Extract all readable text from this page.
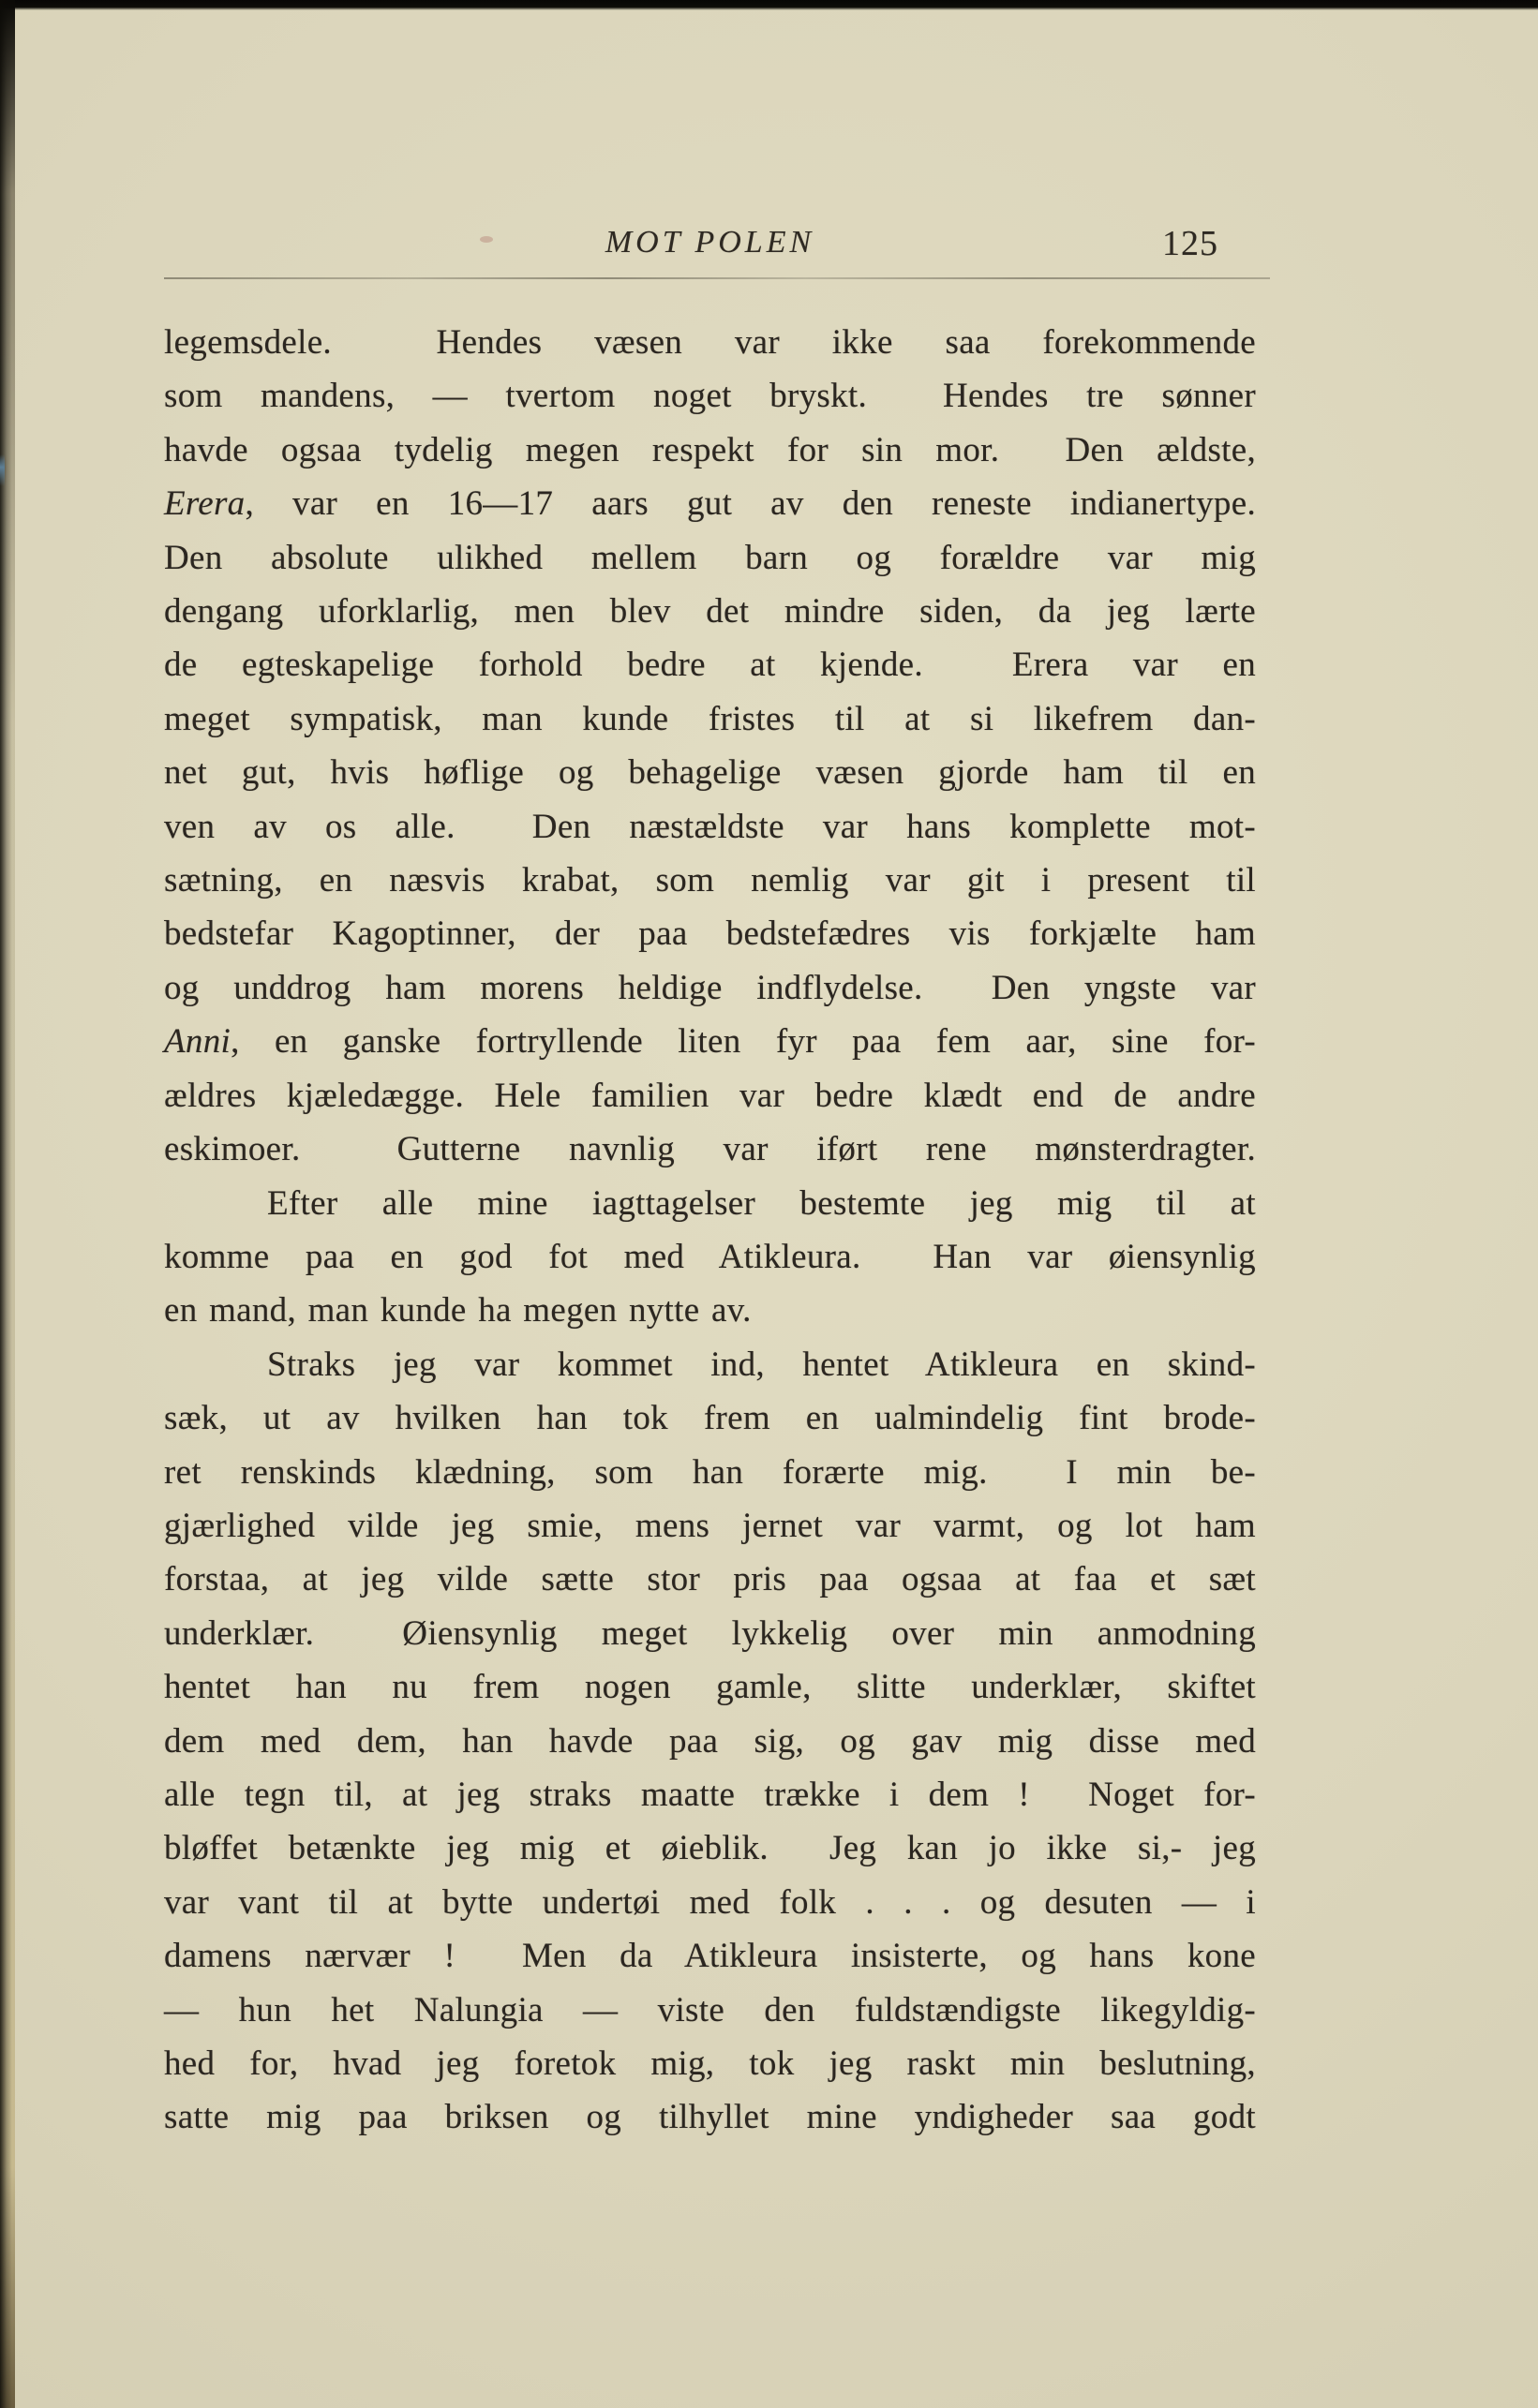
MOT POLEN	125
legemsdele.  Hendes væsen var ikke saa forekommende
som mandens, — tvertom noget bryskt.  Hendes tre sønner
havde ogsaa tydelig megen respekt for sin mor.  Den ældste,
Erera, var en 16—17 aars gut av den reneste indianertype.
Den absolute ulikhed mellem barn og forældre var mig
dengang uforklarlig, men blev det mindre siden, da jeg lærte
de egteskapelige forhold bedre at kjende.  Erera var en
meget sympatisk, man kunde fristes til at si likefrem dan-
net gut, hvis høflige og behagelige væsen gjorde ham til en
ven av os alle.  Den næstældste var hans komplette mot-
sætning, en næsvis krabat, som nemlig var git i present til
bedstefar Kagoptinner, der paa bedstefædres vis forkjælte ham
og unddrog ham morens heldige indflydelse.  Den yngste var
Anni, en ganske fortryllende liten fyr paa fem aar, sine for-
ældres kjæledægge. Hele familien var bedre klædt end de andre
eskimoer.  Gutterne navnlig var iført rene mønsterdragter.
Efter alle mine iagttagelser bestemte jeg mig til at
komme paa en god fot med Atikleura.  Han var øiensynlig
en mand, man kunde ha megen nytte av.
Straks jeg var kommet ind, hentet Atikleura en skind-
sæk, ut av hvilken han tok frem en ualmindelig fint brode-
ret renskinds klædning, som han forærte mig.  I min be-
gjærlighed vilde jeg smie, mens jernet var varmt, og lot ham
forstaa, at jeg vilde sætte stor pris paa ogsaa at faa et sæt
underklær.  Øiensynlig meget lykkelig over min anmodning
hentet han nu frem nogen gamle, slitte underklær, skiftet
dem med dem, han havde paa sig, og gav mig disse med
alle tegn til, at jeg straks maatte trække i dem !  Noget for-
bløffet betænkte jeg mig et øieblik.  Jeg kan jo ikke si,- jeg
var vant til at bytte undertøi med folk . . . og desuten — i
damens nærvær !  Men da Atikleura insisterte, og hans kone
— hun het Nalungia — viste den fuldstændigste likegyldig-
hed for, hvad jeg foretok mig, tok jeg raskt min beslutning,
satte mig paa briksen og tilhyllet mine yndigheder saa godt
